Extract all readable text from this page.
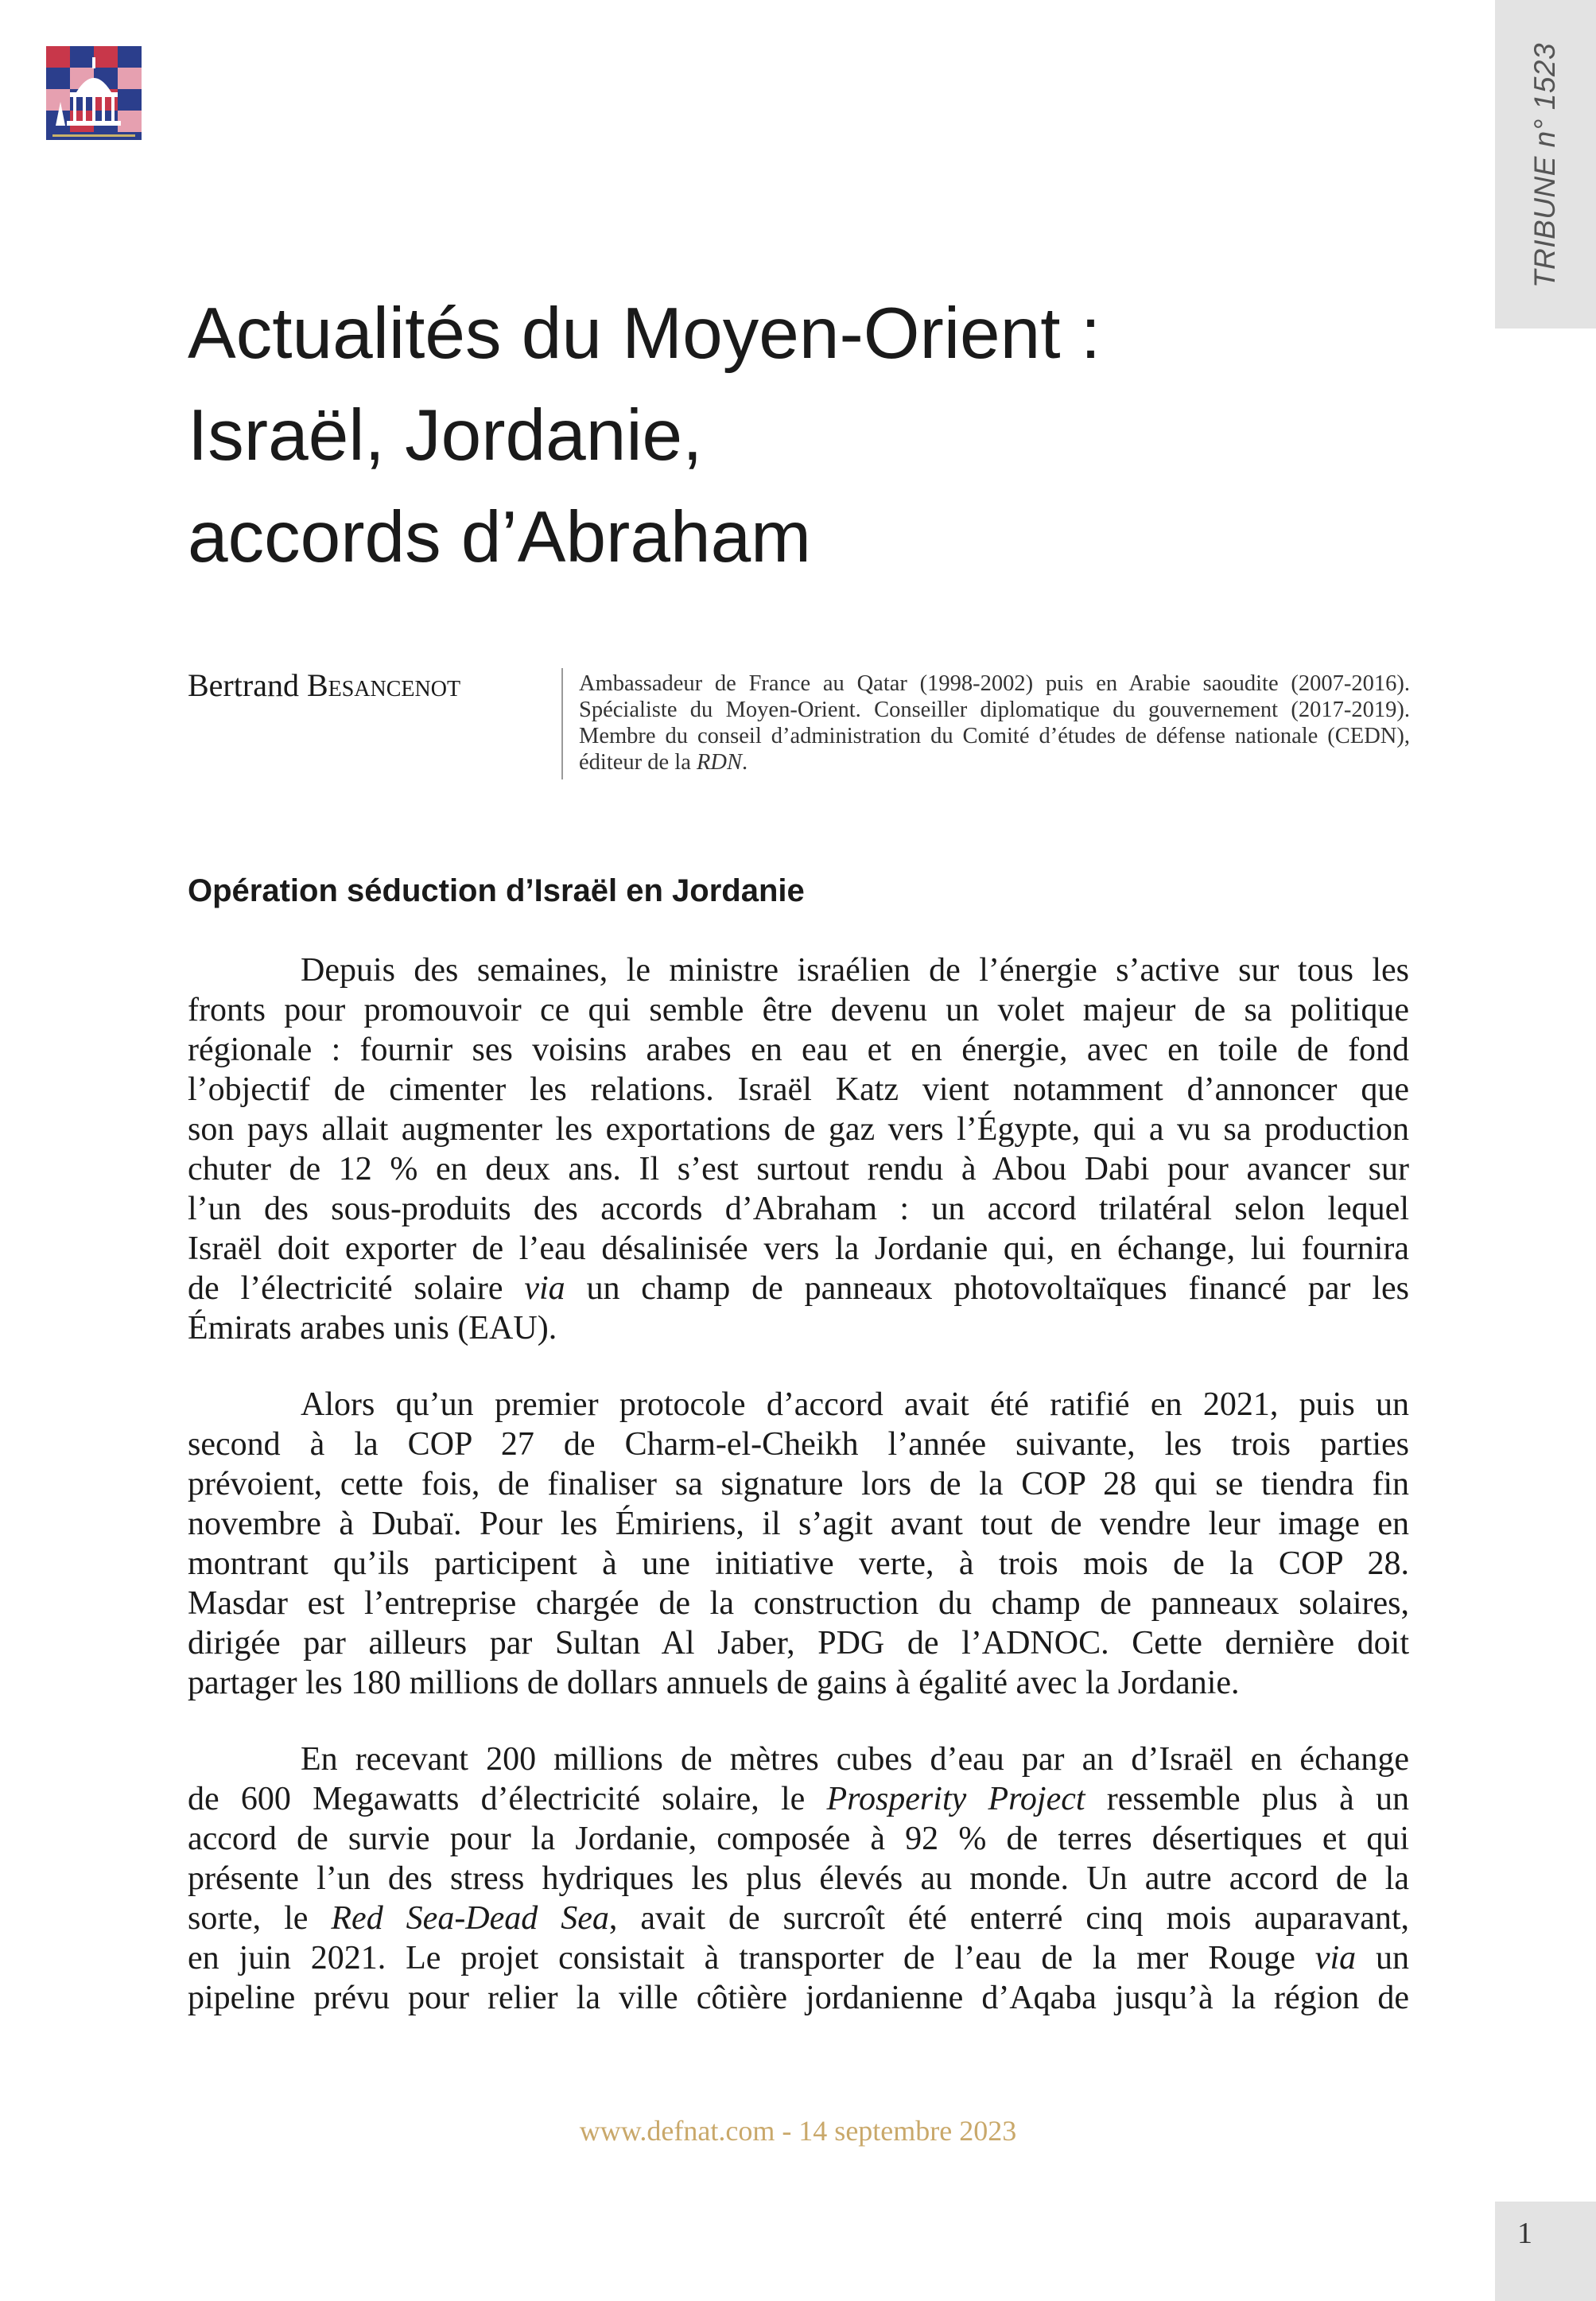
TRIBUNE n° 1523
Actualités du Moyen-Orient :
Israël, Jordanie,
accords d’Abraham
Bertrand Besancenot	Ambassadeur de France au Qatar (1998-2002) puis en Arabie saoudite (2007-2016). Spécialiste du Moyen-Orient. Conseiller diplomatique du gouvernement (2017-2019). Membre du conseil d’administration du Comité d’études de défense nationale (CEDN), éditeur de la RDN.
Opération séduction d’Israël en Jordanie
Depuis des semaines, le ministre israélien de l’énergie s’active sur tous les
fronts pour promouvoir ce qui semble être devenu un volet majeur de sa politique
régionale : fournir ses voisins arabes en eau et en énergie, avec en toile de fond
l’objectif de cimenter les relations. Israël Katz vient notamment d’annoncer que
son pays allait augmenter les exportations de gaz vers l’Égypte, qui a vu sa production
chuter de 12 % en deux ans. Il s’est surtout rendu à Abou Dabi pour avancer sur
l’un des sous-produits des accords d’Abraham : un accord trilatéral selon lequel
Israël doit exporter de l’eau désalinisée vers la Jordanie qui, en échange, lui fournira
de l’électricité solaire via un champ de panneaux photovoltaïques financé par les
Émirats arabes unis (EAU).
Alors qu’un premier protocole d’accord avait été ratifié en 2021, puis un
second à la COP 27 de Charm-el-Cheikh l’année suivante, les trois parties
prévoient, cette fois, de finaliser sa signature lors de la COP 28 qui se tiendra fin
novembre à Dubaï. Pour les Émiriens, il s’agit avant tout de vendre leur image en
montrant qu’ils participent à une initiative verte, à trois mois de la COP 28.
Masdar est l’entreprise chargée de la construction du champ de panneaux solaires,
dirigée par ailleurs par Sultan Al Jaber, PDG de l’ADNOC. Cette dernière doit
partager les 180 millions de dollars annuels de gains à égalité avec la Jordanie.
En recevant 200 millions de mètres cubes d’eau par an d’Israël en échange
de 600 Megawatts d’électricité solaire, le Prosperity Project ressemble plus à un
accord de survie pour la Jordanie, composée à 92 % de terres désertiques et qui
présente l’un des stress hydriques les plus élevés au monde. Un autre accord de la
sorte, le Red Sea-Dead Sea, avait de surcroît été enterré cinq mois auparavant,
en juin 2021. Le projet consistait à transporter de l’eau de la mer Rouge via un
pipeline prévu pour relier la ville côtière jordanienne d’Aqaba jusqu’à la région de
www.defnat.com - 14 septembre 2023
1
